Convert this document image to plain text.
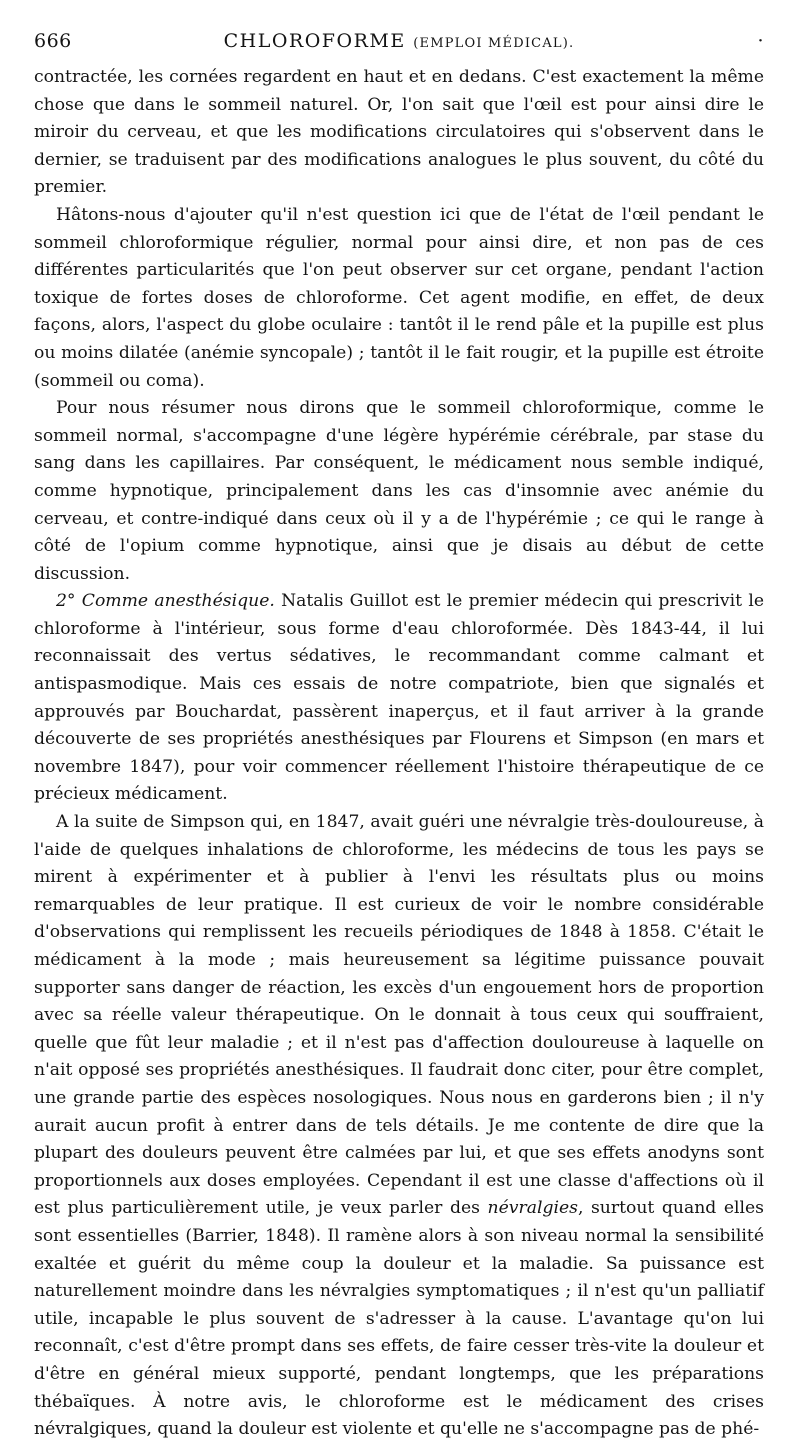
666	CHLOROFORME (EMPLOI MÉDICAL).	·

contractée, les cornées regardent en haut et en dedans. C'est exactement la même chose que dans le sommeil naturel. Or, l'on sait que l'œil est pour ainsi dire le miroir du cerveau, et que les modifications circulatoires qui s'observent dans le dernier, se traduisent par des modifications analogues le plus souvent, du côté du premier.

Hâtons-nous d'ajouter qu'il n'est question ici que de l'état de l'œil pendant le sommeil chloroformique régulier, normal pour ainsi dire, et non pas de ces différentes particularités que l'on peut observer sur cet organe, pendant l'action toxique de fortes doses de chloroforme. Cet agent modifie, en effet, de deux façons, alors, l'aspect du globe oculaire : tantôt il le rend pâle et la pupille est plus ou moins dilatée (anémie syncopale) ; tantôt il le fait rougir, et la pupille est étroite (sommeil ou coma).

Pour nous résumer nous dirons que le sommeil chloroformique, comme le sommeil normal, s'accompagne d'une légère hypérémie cérébrale, par stase du sang dans les capillaires. Par conséquent, le médicament nous semble indiqué, comme hypnotique, principalement dans les cas d'insomnie avec anémie du cerveau, et contre-indiqué dans ceux où il y a de l'hypérémie ; ce qui le range à côté de l'opium comme hypnotique, ainsi que je disais au début de cette discussion.

2° Comme anesthésique. Natalis Guillot est le premier médecin qui prescrivit le chloroforme à l'intérieur, sous forme d'eau chloroformée. Dès 1843-44, il lui reconnaissait des vertus sédatives, le recommandant comme calmant et antispasmodique. Mais ces essais de notre compatriote, bien que signalés et approuvés par Bouchardat, passèrent inaperçus, et il faut arriver à la grande découverte de ses propriétés anesthésiques par Flourens et Simpson (en mars et novembre 1847), pour voir commencer réellement l'histoire thérapeutique de ce précieux médicament.

A la suite de Simpson qui, en 1847, avait guéri une névralgie très-douloureuse, à l'aide de quelques inhalations de chloroforme, les médecins de tous les pays se mirent à expérimenter et à publier à l'envi les résultats plus ou moins remarquables de leur pratique. Il est curieux de voir le nombre considérable d'observations qui remplissent les recueils périodiques de 1848 à 1858. C'était le médicament à la mode ; mais heureusement sa légitime puissance pouvait supporter sans danger de réaction, les excès d'un engouement hors de proportion avec sa réelle valeur thérapeutique. On le donnait à tous ceux qui souffraient, quelle que fût leur maladie ; et il n'est pas d'affection douloureuse à laquelle on n'ait opposé ses propriétés anesthésiques. Il faudrait donc citer, pour être complet, une grande partie des espèces nosologiques. Nous nous en garderons bien ; il n'y aurait aucun profit à entrer dans de tels détails. Je me contente de dire que la plupart des douleurs peuvent être calmées par lui, et que ses effets anodyns sont proportionnels aux doses employées. Cependant il est une classe d'affections où il est plus particulièrement utile, je veux parler des névralgies, surtout quand elles sont essentielles (Barrier, 1848). Il ramène alors à son niveau normal la sensibilité exaltée et guérit du même coup la douleur et la maladie. Sa puissance est naturellement moindre dans les névralgies symptomatiques ; il n'est qu'un palliatif utile, incapable le plus souvent de s'adresser à la cause. L'avantage qu'on lui reconnaît, c'est d'être prompt dans ses effets, de faire cesser très-vite la douleur et d'être en général mieux supporté, pendant longtemps, que les préparations thébaïques. À notre avis, le chloroforme est le médicament des crises névralgiques, quand la douleur est violente et qu'elle ne s'accompagne pas de phé-
